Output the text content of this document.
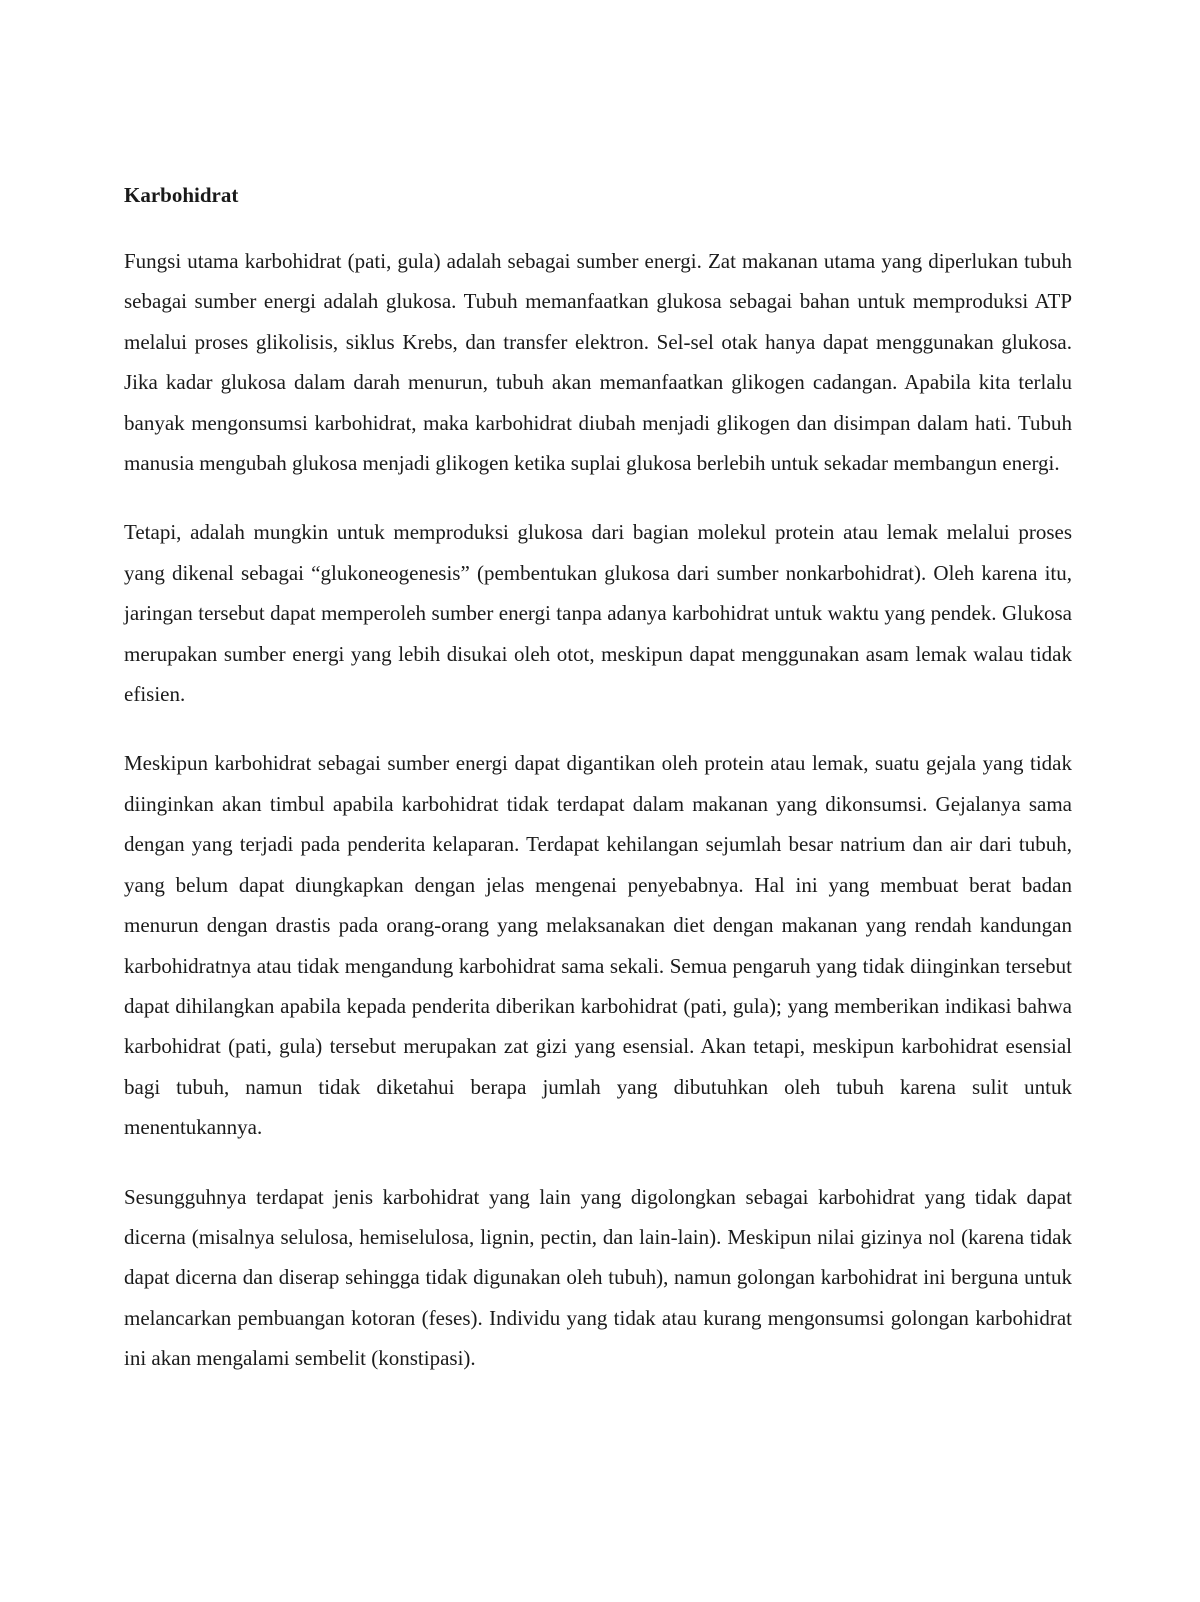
Karbohidrat

Fungsi utama karbohidrat (pati, gula) adalah sebagai sumber energi. Zat makanan utama yang diperlukan tubuh sebagai sumber energi adalah glukosa. Tubuh memanfaatkan glukosa sebagai bahan untuk memproduksi ATP melalui proses glikolisis, siklus Krebs, dan transfer elektron. Sel-sel otak hanya dapat menggunakan glukosa. Jika kadar glukosa dalam darah menurun, tubuh akan memanfaatkan glikogen cadangan. Apabila kita terlalu banyak mengonsumsi karbohidrat, maka karbohidrat diubah menjadi glikogen dan disimpan dalam hati. Tubuh manusia mengubah glukosa menjadi glikogen ketika suplai glukosa berlebih untuk sekadar membangun energi.

Tetapi, adalah mungkin untuk memproduksi glukosa dari bagian molekul protein atau lemak melalui proses yang dikenal sebagai “glukoneogenesis” (pembentukan glukosa dari sumber nonkarbohidrat). Oleh karena itu, jaringan tersebut dapat memperoleh sumber energi tanpa adanya karbohidrat untuk waktu yang pendek. Glukosa merupakan sumber energi yang lebih disukai oleh otot, meskipun dapat menggunakan asam lemak walau tidak efisien.

Meskipun karbohidrat sebagai sumber energi dapat digantikan oleh protein atau lemak, suatu gejala yang tidak diinginkan akan timbul apabila karbohidrat tidak terdapat dalam makanan yang dikonsumsi. Gejalanya sama dengan yang terjadi pada penderita kelaparan. Terdapat kehilangan sejumlah besar natrium dan air dari tubuh, yang belum dapat diungkapkan dengan jelas mengenai penyebabnya. Hal ini yang membuat berat badan menurun dengan drastis pada orang-orang yang melaksanakan diet dengan makanan yang rendah kandungan karbohidratnya atau tidak mengandung karbohidrat sama sekali. Semua pengaruh yang tidak diinginkan tersebut dapat dihilangkan apabila kepada penderita diberikan karbohidrat (pati, gula); yang memberikan indikasi bahwa karbohidrat (pati, gula) tersebut merupakan zat gizi yang esensial. Akan tetapi, meskipun karbohidrat esensial bagi tubuh, namun tidak diketahui berapa jumlah yang dibutuhkan oleh tubuh karena sulit untuk menentukannya.

Sesungguhnya terdapat jenis karbohidrat yang lain yang digolongkan sebagai karbohidrat yang tidak dapat dicerna (misalnya selulosa, hemiselulosa, lignin, pectin, dan lain-lain). Meskipun nilai gizinya nol (karena tidak dapat dicerna dan diserap sehingga tidak digunakan oleh tubuh), namun golongan karbohidrat ini berguna untuk melancarkan pembuangan kotoran (feses). Individu yang tidak atau kurang mengonsumsi golongan karbohidrat ini akan mengalami sembelit (konstipasi).
